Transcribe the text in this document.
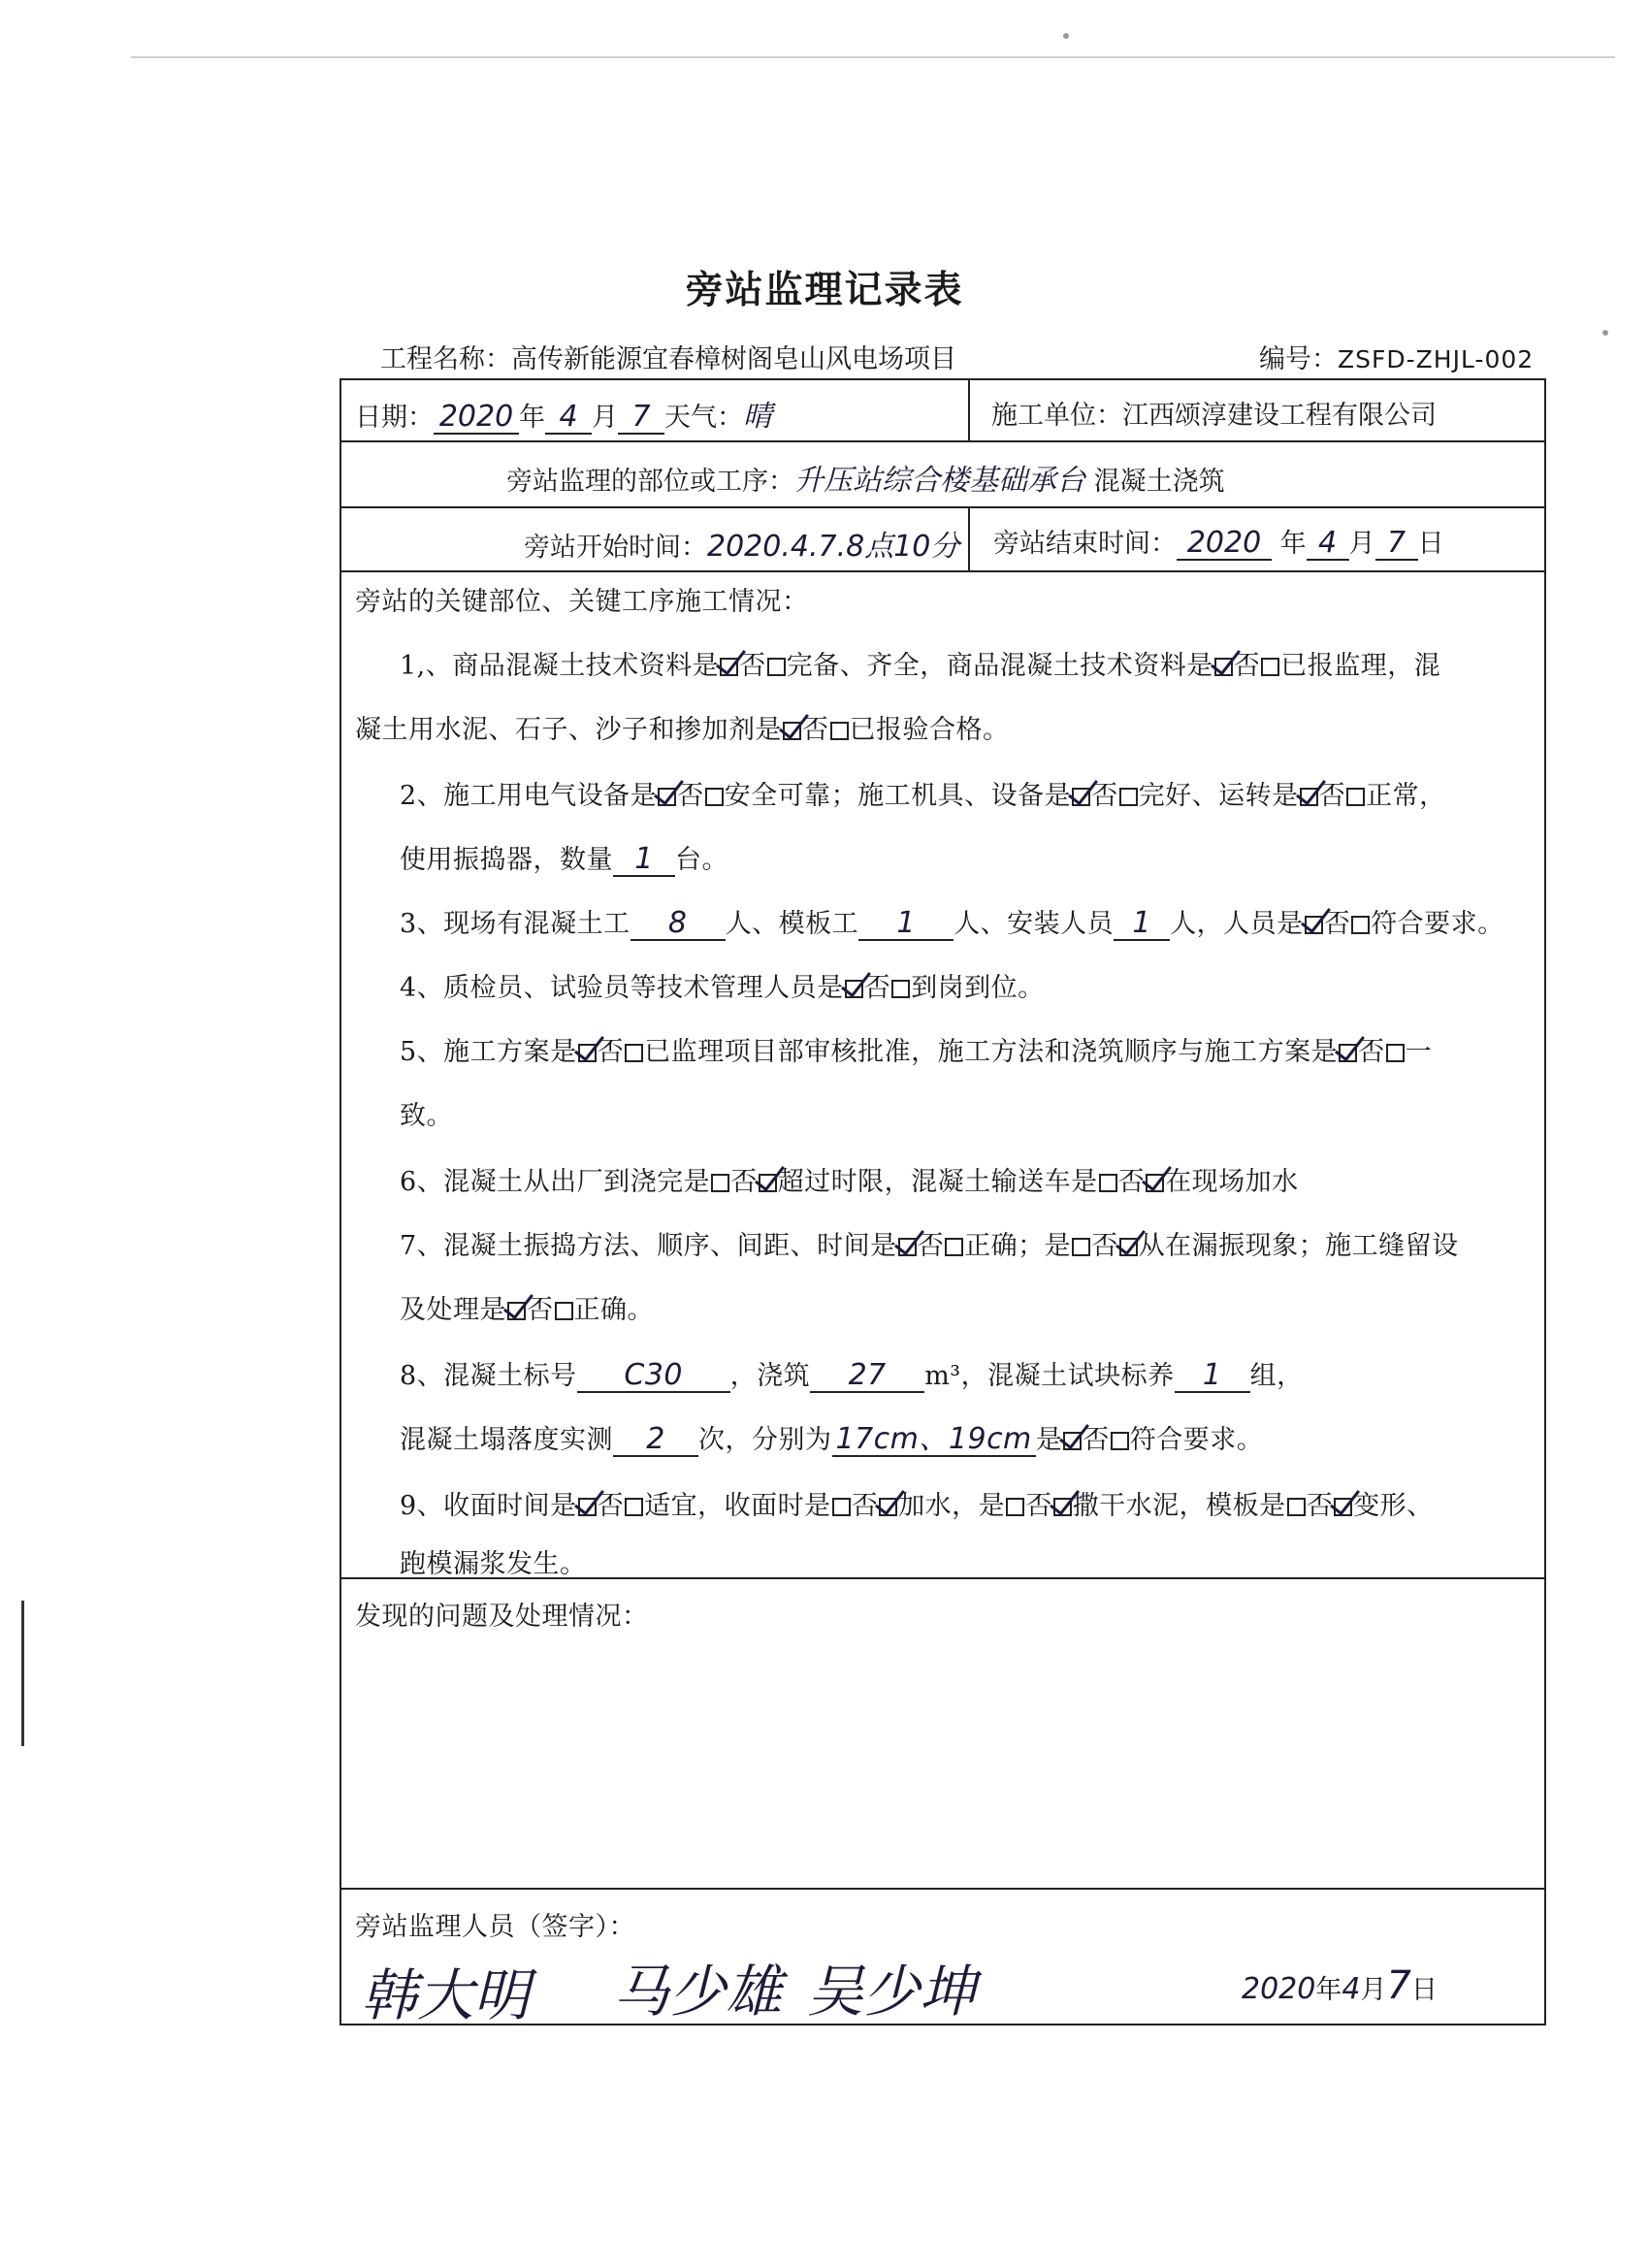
旁站监理记录表
工程名称：高传新能源宜春樟树阁皂山风电场项目	编号：ZSFD-ZHJL-002
日期： 2020 年 4 月 7 天气：晴	施工单位：江西颂淳建设工程有限公司
旁站监理的部位或工序：升压站综合楼基础承台 混凝土浇筑
旁站开始时间：2020.4.7.8点10分 旁站结束时间： 2020 年 4 月 7 日
旁站的关键部位、关键工序施工情况：
1,、商品混凝土技术资料是 否 完备、齐全，商品混凝土技术资料是 否 已报监理，混
凝土用水泥、石子、沙子和掺加剂是 否 已报验合格。
2、施工用电气设备是 否 安全可靠；施工机具、设备是 否 完好、运转是 否 正常，
使用振捣器，数量 1 台。
3、现场有混凝土工 8 人、模板工 1 人、安装人员 1 人，人员是 否 符合要求。
4、质检员、试验员等技术管理人员是 否 到岗到位。
5、施工方案是 否 已监理项目部审核批准，施工方法和浇筑顺序与施工方案是 否 一
致。
6、混凝土从出厂到浇完是 否 超过时限，混凝土输送车是 否 在现场加水
7、混凝土振捣方法、顺序、间距、时间是 否 正确；是 否 从在漏振现象；施工缝留设
及处理是 否 正确。
8、混凝土标号 C30 ，浇筑 27 m³，混凝土试块标养 1 组，
混凝土塌落度实测 2 次，分别为 17cm、19cm 是 否 符合要求。
9、收面时间是 否 适宜，收面时是 否 加水，是 否 撒干水泥，模板是 否 变形、
跑模漏浆发生。
发现的问题及处理情况：
旁站监理人员（签字）：
韩大明 马少雄 吴少坤	2020年4月7日
